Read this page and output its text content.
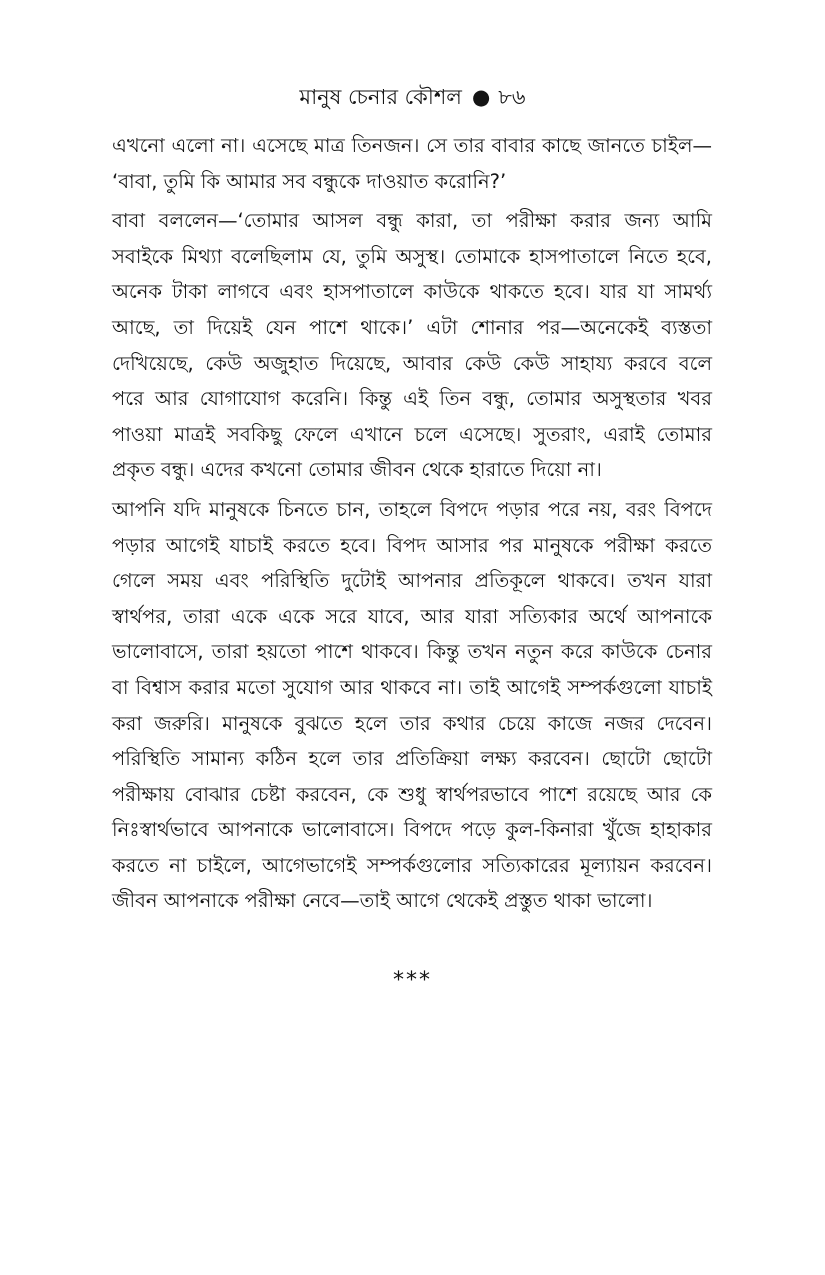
মানুষ চেনার কৌশল ● ৮৬
এখনো এলো না। এসেছে মাত্র তিনজন। সে তার বাবার কাছে জানতে চাইল—
‘বাবা, তুমি কি আমার সব বন্ধুকে দাওয়াত করোনি?’
বাবা বললেন—‘তোমার আসল বন্ধু কারা, তা পরীক্ষা করার জন্য আমি
সবাইকে মিথ্যা বলেছিলাম যে, তুমি অসুস্থ। তোমাকে হাসপাতালে নিতে হবে,
অনেক টাকা লাগবে এবং হাসপাতালে কাউকে থাকতে হবে। যার যা সামর্থ্য
আছে, তা দিয়েই যেন পাশে থাকে।’ এটা শোনার পর—অনেকেই ব্যস্ততা
দেখিয়েছে, কেউ অজুহাত দিয়েছে, আবার কেউ কেউ সাহায্য করবে বলে
পরে আর যোগাযোগ করেনি। কিন্তু এই তিন বন্ধু, তোমার অসুস্থতার খবর
পাওয়া মাত্রই সবকিছু ফেলে এখানে চলে এসেছে। সুতরাং, এরাই তোমার
প্রকৃত বন্ধু। এদের কখনো তোমার জীবন থেকে হারাতে দিয়ো না।
আপনি যদি মানুষকে চিনতে চান, তাহলে বিপদে পড়ার পরে নয়, বরং বিপদে
পড়ার আগেই যাচাই করতে হবে। বিপদ আসার পর মানুষকে পরীক্ষা করতে
গেলে সময় এবং পরিস্থিতি দুটোই আপনার প্রতিকূলে থাকবে। তখন যারা
স্বার্থপর, তারা একে একে সরে যাবে, আর যারা সত্যিকার অর্থে আপনাকে
ভালোবাসে, তারা হয়তো পাশে থাকবে। কিন্তু তখন নতুন করে কাউকে চেনার
বা বিশ্বাস করার মতো সুযোগ আর থাকবে না। তাই আগেই সম্পর্কগুলো যাচাই
করা জরুরি। মানুষকে বুঝতে হলে তার কথার চেয়ে কাজে নজর দেবেন।
পরিস্থিতি সামান্য কঠিন হলে তার প্রতিক্রিয়া লক্ষ্য করবেন। ছোটো ছোটো
পরীক্ষায় বোঝার চেষ্টা করবেন, কে শুধু স্বার্থপরভাবে পাশে রয়েছে আর কে
নিঃস্বার্থভাবে আপনাকে ভালোবাসে। বিপদে পড়ে কুল-কিনারা খুঁজে হাহাকার
করতে না চাইলে, আগেভাগেই সম্পর্কগুলোর সত্যিকারের মূল্যায়ন করবেন।
জীবন আপনাকে পরীক্ষা নেবে—তাই আগে থেকেই প্রস্তুত থাকা ভালো।
***
